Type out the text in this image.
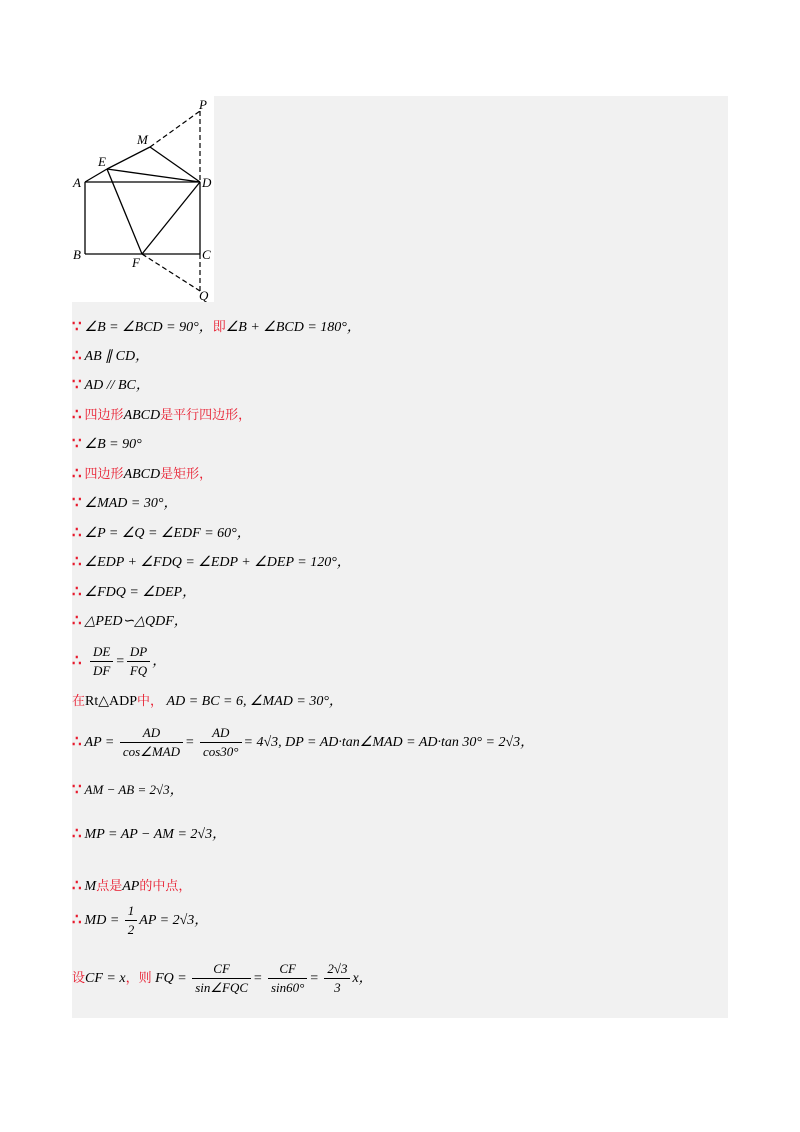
A
B	C
D
E
F
M
P
Q
∵ ∠B = ∠BCD = 90°，即∠B + ∠BCD = 180°，
∴ AB ∥ CD，
∵ AD // BC，
∴ 四边形ABCD是平行四边形，
∵ ∠B = 90°
∴ 四边形ABCD是矩形，
∵ ∠MAD = 30°，
∴ ∠P = ∠Q = ∠EDF = 60°，
∴ ∠EDP + ∠FDQ = ∠EDP + ∠DEP = 120°，
∴ ∠FDQ = ∠DEP，
∴ △PED∽△QDF，
∴ $\frac{DE}{DF} = \frac{DP}{FQ}$ ，
在Rt△ADP中， AD = BC = 6, ∠MAD = 30°，
∴ AP = $\frac{AD}{\text{cos∠MAD}} = \frac{AD}{\cos 30^\circ} = 4√3$, DP = AD·tan∠MAD = AD·tan 30° = 2√3，
∵ AM − AB = 2√3，
∴ MP = AP − AM = 2√3，
∴ M点是AP的中点，
∴ MD = $\frac{1}{2}$ AP = 2√3，
设CF = x，则 FQ = $\frac{CF}{\text{sin∠FQC}} = \frac{CF}{\sin 60^\circ} = \frac{2√3}{3}$ x，
